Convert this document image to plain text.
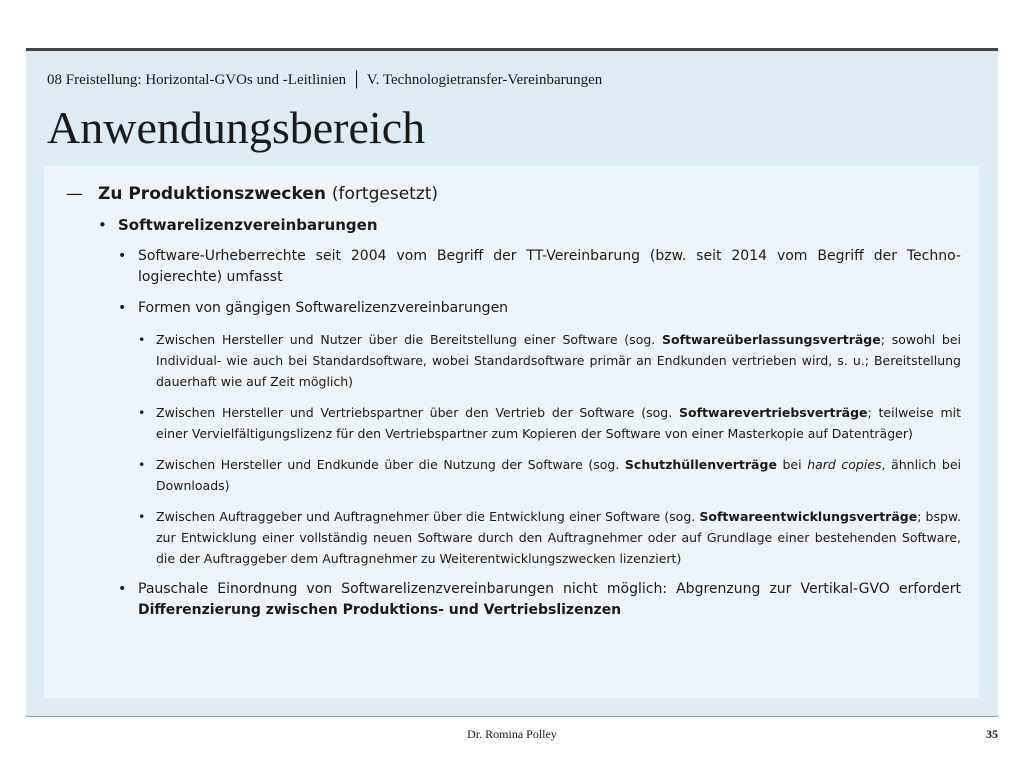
08 Freistellung: Horizontal-GVOs und -Leitlinien │ V. Technologietransfer-Vereinbarungen
Anwendungsbereich
— Zu Produktionszwecken (fortgesetzt)
• Softwarelizenzvereinbarungen
• Software-Urheberrechte seit 2004 vom Begriff der TT-Vereinbarung (bzw. seit 2014 vom Begriff der Techno-logierechte) umfasst
• Formen von gängigen Softwarelizenzvereinbarungen
• Zwischen Hersteller und Nutzer über die Bereitstellung einer Software (sog. Softwareüberlassungsverträge; sowohl bei Individual- wie auch bei Standardsoftware, wobei Standardsoftware primär an Endkunden vertrieben wird, s. u.; Bereitstellung dauerhaft wie auf Zeit möglich)
• Zwischen Hersteller und Vertriebspartner über den Vertrieb der Software (sog. Softwarevertriebsverträge; teilweise mit einer Vervielfältigungslizenz für den Vertriebspartner zum Kopieren der Software von einer Masterkopie auf Datenträger)
• Zwischen Hersteller und Endkunde über die Nutzung der Software (sog. Schutzhüllenverträge bei hard copies, ähnlich bei Downloads)
• Zwischen Auftraggeber und Auftragnehmer über die Entwicklung einer Software (sog. Softwareentwicklungsverträge; bspw. zur Entwicklung einer vollständig neuen Software durch den Auftragnehmer oder auf Grundlage einer bestehenden Software, die der Auftraggeber dem Auftragnehmer zu Weiterentwicklungszwecken lizenziert)
• Pauschale Einordnung von Softwarelizenzvereinbarungen nicht möglich: Abgrenzung zur Vertikal-GVO erfordert Differenzierung zwischen Produktions- und Vertriebslizenzen
Dr. Romina Polley	35
